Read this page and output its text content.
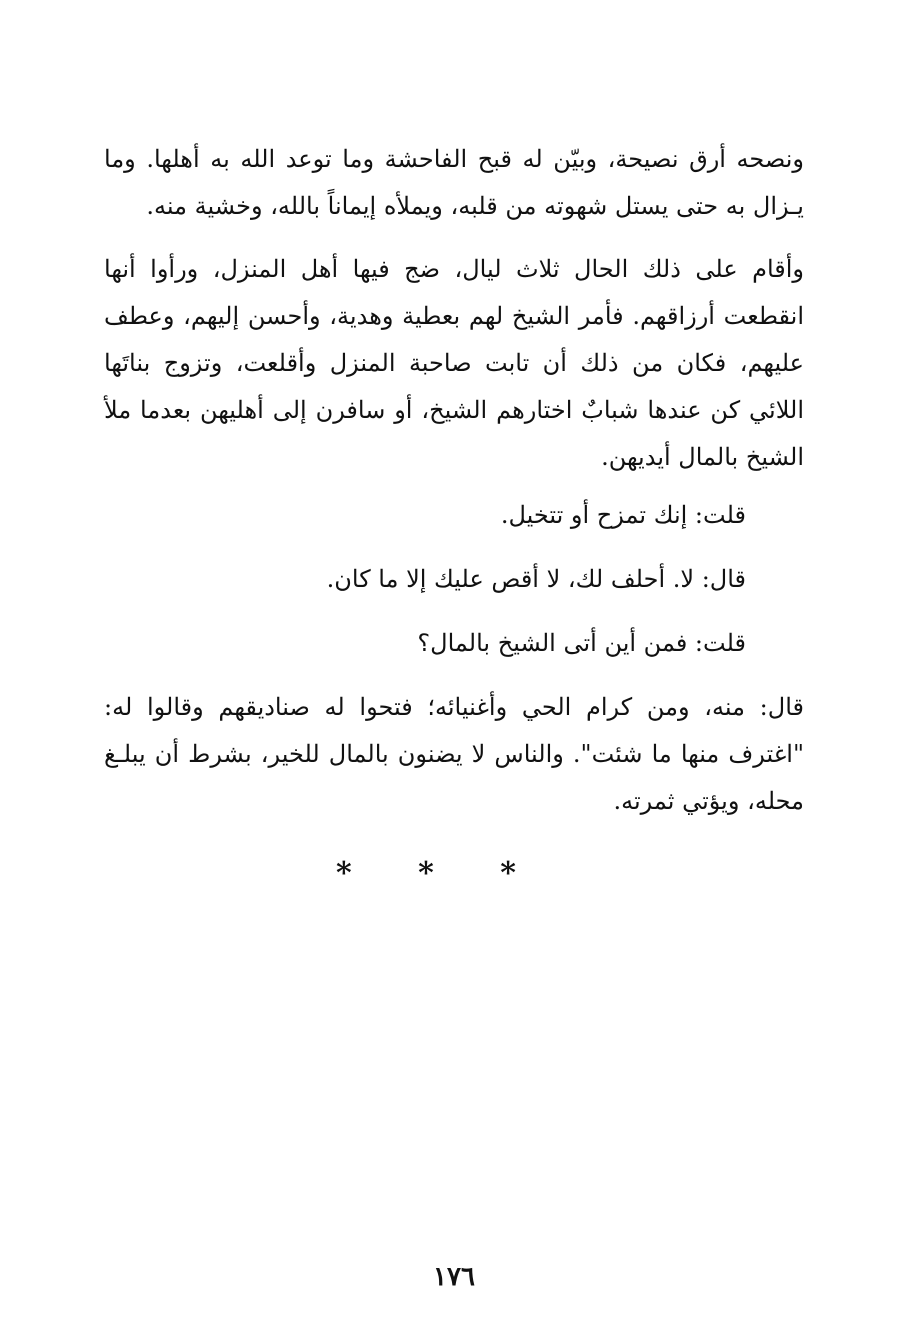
ونصحه أرق نصيحة، وبيّن له قبح الفاحشة وما توعد الله به أهلها. وما يـزال به حتى يستل شهوته من قلبه، ويملأه إيماناً بالله، وخشية منه.

وأقام على ذلك الحال ثلاث ليال، ضج فيها أهل المنزل، ورأوا أنها انقطعت أرزاقهم. فأمر الشيخ لهم بعطية وهدية، وأحسن إليهم، وعطف عليهم، فكان من ذلك أن تابت صاحبة المنزل وأقلعت، وتزوج بناتَها اللائي كن عندها شبابٌ اختارهم الشيخ، أو سافرن إلى أهليهن بعدما ملأ الشيخ بالمال أيديهن.

قلت: إنك تمزح أو تتخيل.

قال: لا. أحلف لك، لا أقص عليك إلا ما كان.

قلت: فمن أين أتى الشيخ بالمال؟

قال: منه، ومن كرام الحي وأغنيائه؛ فتحوا له صناديقهم وقالوا له: "اغترف منها ما شئت". والناس لا يضنون بالمال للخير، بشرط أن يبلـغ محله، ويؤتي ثمرته.

* * *
١٧٦
